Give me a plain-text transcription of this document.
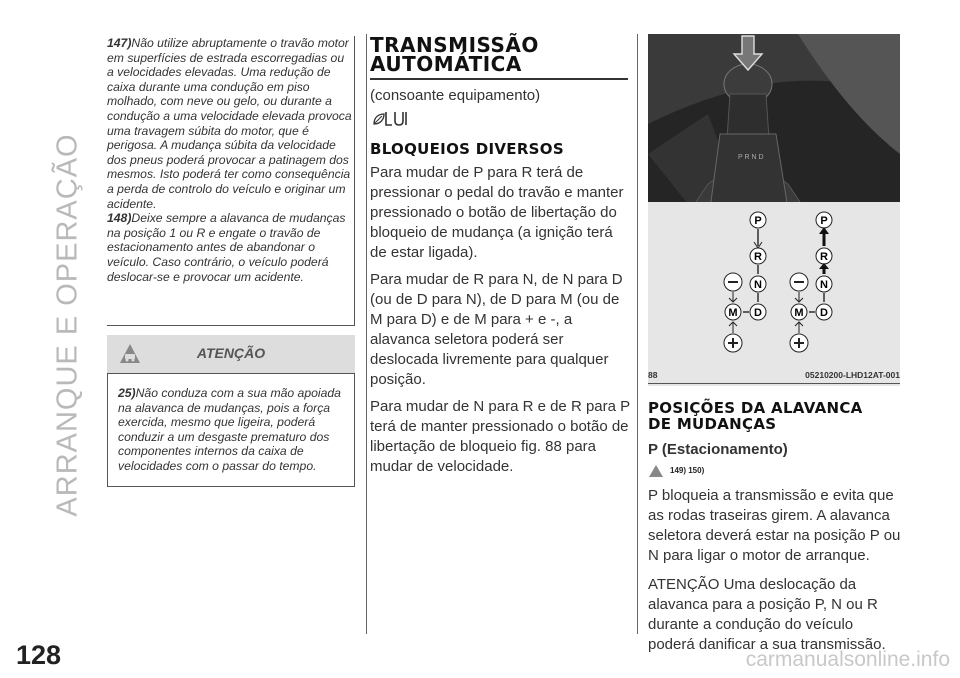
ARRANQUE E OPERAÇÃO
128

147)Não utilize abruptamente o travão motor em superfícies de estrada escorregadias ou a velocidades elevadas. Uma redução de caixa durante uma condução em piso molhado, com neve ou gelo, ou durante a condução a uma velocidade elevada provoca uma travagem súbita do motor, que é perigosa. A mudança súbita da velocidade dos pneus poderá provocar a patinagem dos mesmos. Isto poderá ter como consequência a perda de controlo do veículo e originar um acidente.

148)Deixe sempre a alavanca de mudanças na posição 1 ou R e engate o travão de estacionamento antes de abandonar o veículo. Caso contrário, o veículo poderá deslocar-se e provocar um acidente.

ATENÇÃO

25)Não conduza com a sua mão apoiada na alavanca de mudanças, pois a força exercida, mesmo que ligeira, poderá conduzir a um desgaste prematuro dos componentes internos da caixa de velocidades com o passar do tempo.

TRANSMISSÃO
AUTOMÁTICA

(consoante equipamento)

BLOQUEIOS DIVERSOS

Para mudar de P para R terá de pressionar o pedal do travão e manter pressionado o botão de libertação do bloqueio de mudança (a ignição terá de estar ligada).

Para mudar de R para N, de N para D (ou de D para N), de D para M (ou de M para D) e de M para + e -, a alavanca seletora poderá ser deslocada livremente para qualquer posição.

Para mudar de N para R e de R para P terá de manter pressionado o botão de libertação de bloqueio fig. 88 para mudar de velocidade.

P R N D
P
R
N
D
M
P
R
N
D
M
88	05210200-LHD12AT-001
POSIÇÕES DA ALAVANCA
DE MUDANÇAS

P (Estacionamento)

149) 150)

P bloqueia a transmissão e evita que as rodas traseiras girem. A alavanca seletora deverá estar na posição P ou N para ligar o motor de arranque.

ATENÇÃO Uma deslocação da alavanca para a posição P, N ou R durante a condução do veículo poderá danificar a sua transmissão.

carmanualsonline.info
